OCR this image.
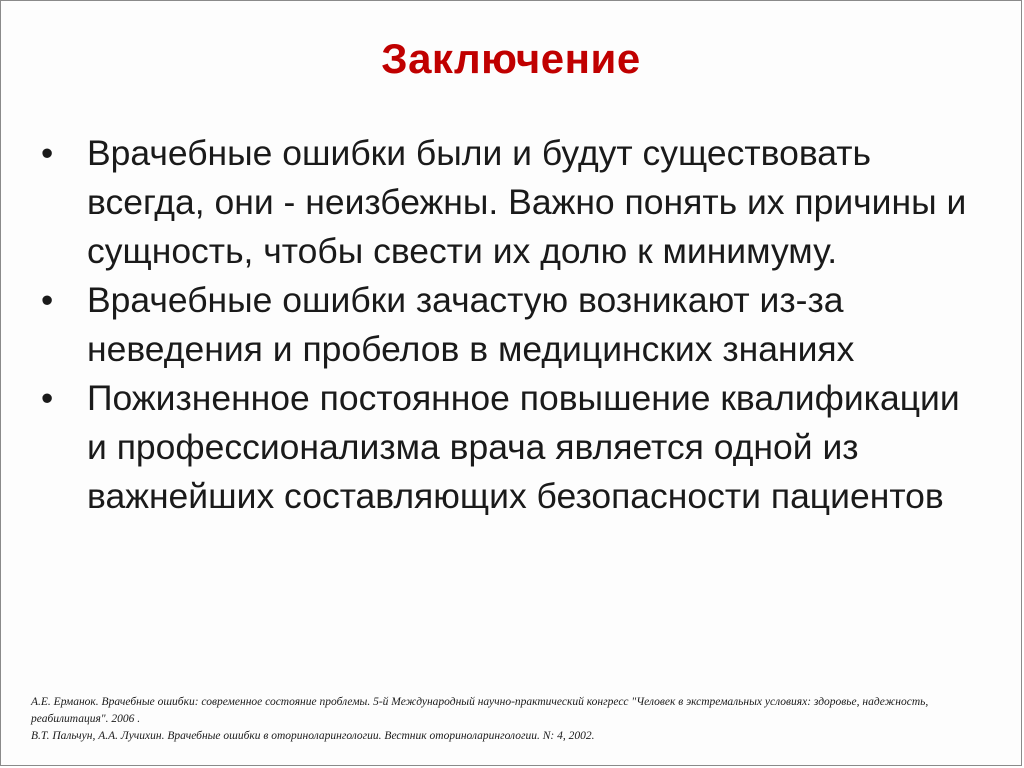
Заключение
• Врачебные ошибки были и будут существовать всегда, они - неизбежны. Важно понять их причины и сущность, чтобы свести их долю к минимуму.
• Врачебные ошибки зачастую возникают из-за неведения и пробелов в медицинских знаниях
• Пожизненное постоянное повышение квалификации и профессионализма врача является одной из важнейших составляющих безопасности пациентов

А.Е. Ерманок. Врачебные ошибки: современное состояние проблемы. 5-й Международный научно-практический конгресс "Человек в экстремальных условиях: здоровье, надежность, реабилитация". 2006 .

В.Т. Пальчун, А.А. Лучихин. Врачебные ошибки в оториноларингологии. Вестник оториноларингологии. N: 4, 2002.
